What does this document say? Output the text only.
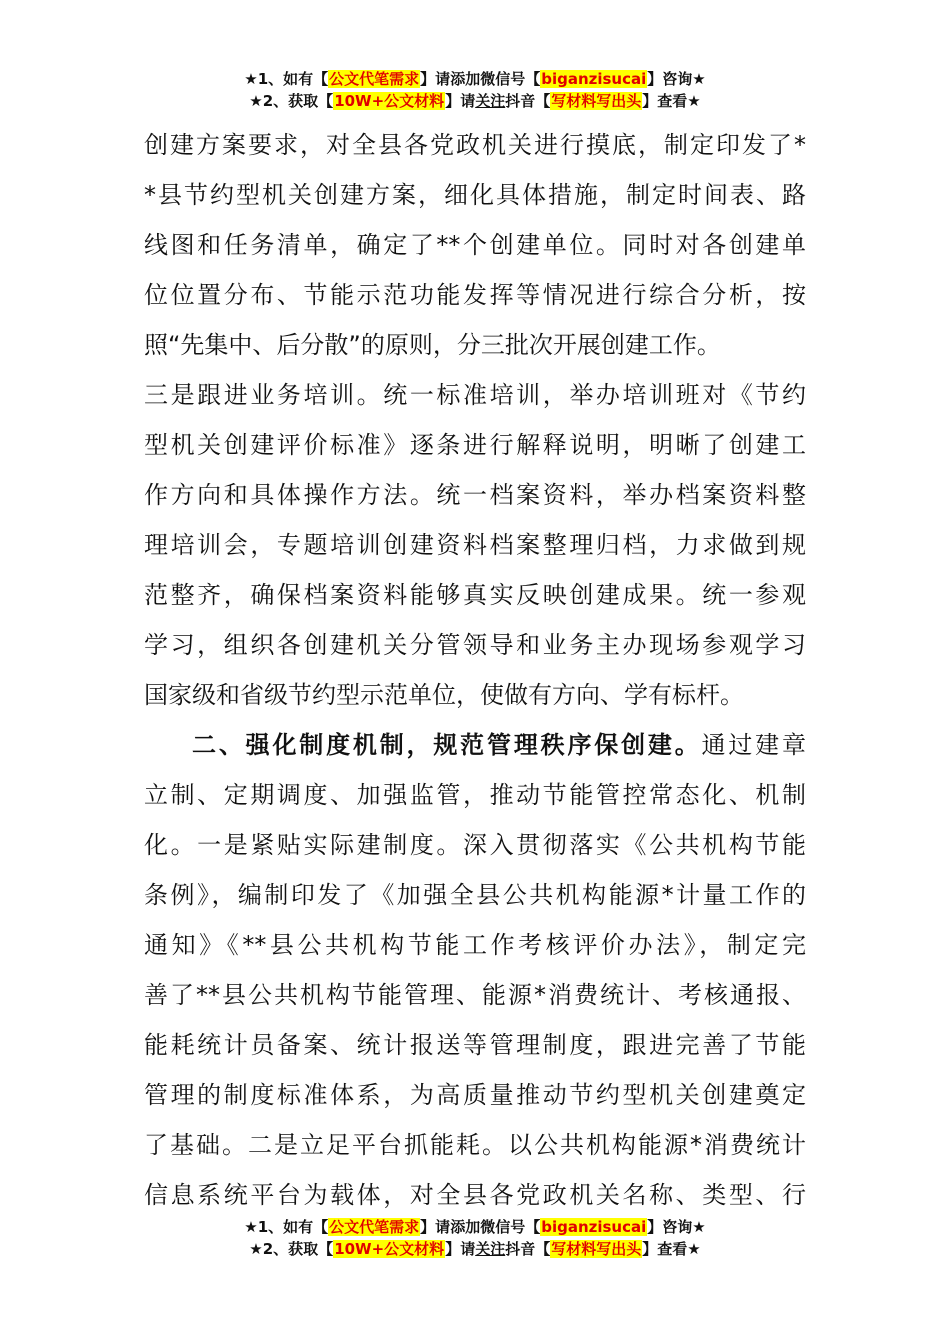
★1、如有【公文代笔需求】请添加微信号【biganzisucai】咨询★
★2、获取【10W+公文材料】请关注抖音【写材料写出头】查看★
创建方案要求，对全县各党政机关进行摸底，制定印发了*
*县节约型机关创建方案，细化具体措施，制定时间表、路
线图和任务清单，确定了**个创建单位。同时对各创建单
位位置分布、节能示范功能发挥等情况进行综合分析，按
照“先集中、后分散”的原则，分三批次开展创建工作。
三是跟进业务培训。统一标准培训，举办培训班对《节约
型机关创建评价标准》逐条进行解释说明，明晰了创建工
作方向和具体操作方法。统一档案资料，举办档案资料整
理培训会，专题培训创建资料档案整理归档，力求做到规
范整齐，确保档案资料能够真实反映创建成果。统一参观
学习，组织各创建机关分管领导和业务主办现场参观学习
国家级和省级节约型示范单位，使做有方向、学有标杆。
二、强化制度机制，规范管理秩序保创建。通过建章
立制、定期调度、加强监管，推动节能管控常态化、机制
化。一是紧贴实际建制度。深入贯彻落实《公共机构节能
条例》，编制印发了《加强全县公共机构能源*计量工作的
通知》《**县公共机构节能工作考核评价办法》，制定完
善了**县公共机构节能管理、能源*消费统计、考核通报、
能耗统计员备案、统计报送等管理制度，跟进完善了节能
管理的制度标准体系，为高质量推动节约型机关创建奠定
了基础。二是立足平台抓能耗。以公共机构能源*消费统计
信息系统平台为载体，对全县各党政机关名称、类型、行
★1、如有【公文代笔需求】请添加微信号【biganzisucai】咨询★
★2、获取【10W+公文材料】请关注抖音【写材料写出头】查看★
